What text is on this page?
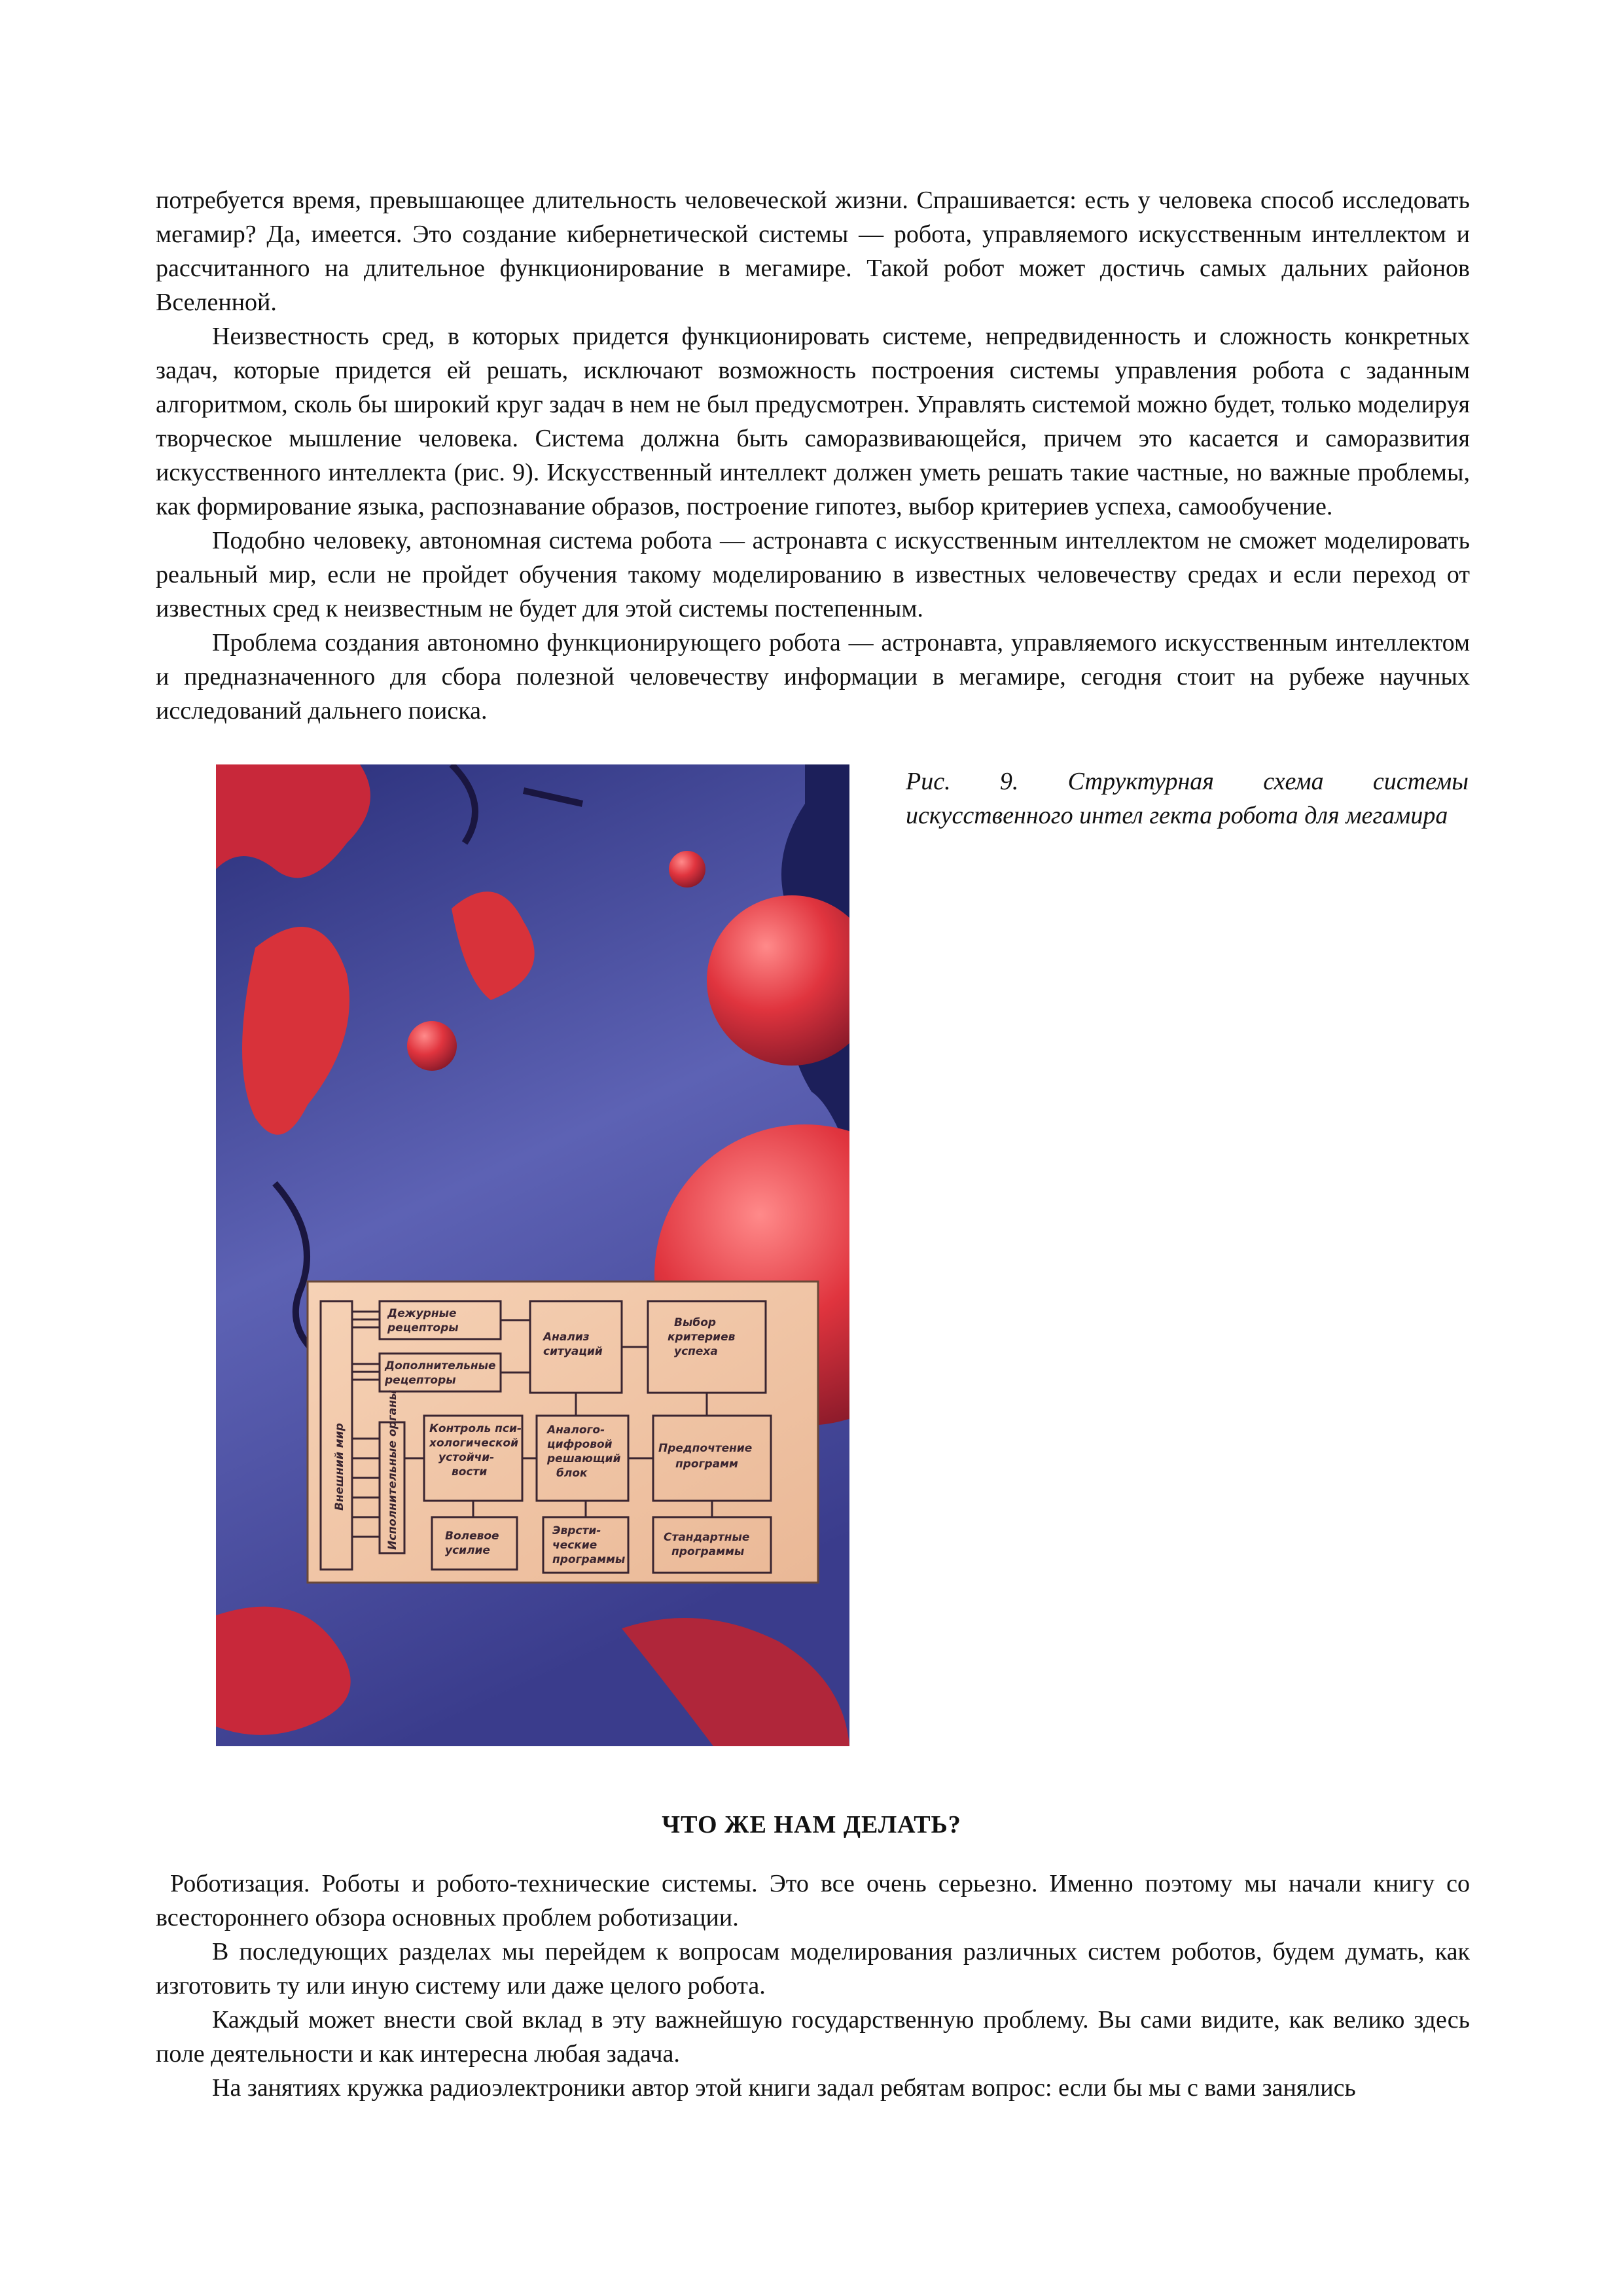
потребуется время, превышающее длительность человеческой жизни. Спрашивается: есть у человека способ исследовать мегамир? Да, имеется. Это создание кибернетической системы — робота, управляемого искусственным интеллектом и рассчитанного на длительное функционирование в мегамире. Такой робот может достичь самых дальних районов Вселенной.

Неизвестность сред, в которых придется функционировать системе, непредвиденность и сложность конкретных задач, которые придется ей решать, исключают возможность построения системы управления робота с заданным алгоритмом, сколь бы широкий круг задач в нем не был предусмотрен. Управлять системой можно будет, только моделируя творческое мышление человека. Система должна быть саморазвивающейся, причем это касается и саморазвития искусственного интеллекта (рис. 9). Искусственный интеллект должен уметь решать такие частные, но важные проблемы, как формирование языка, распознавание образов, построение гипотез, выбор критериев успеха, самообучение.

Подобно человеку, автономная система робота — астронавта с искусственным интеллектом не сможет моделировать реальный мир, если не пройдет обучения такому моделированию в известных человечеству средах и если переход от известных сред к неизвестным не будет для этой системы постепенным.

Проблема создания автономно функционирующего робота — астронавта, управляемого искусственным интеллектом и предназначенного для сбора полезной человечеству информации в мегамире, сегодня стоит на рубеже научных исследований дальнего поиска.

Внешний мир	Исполнительные органы
Дежурные
рецепторы
Дополнительные
рецепторы
Анализ
ситуаций
Выбор
критериев
успеха
Контроль пси-
хологической
устойчи-
вости
Аналого-
цифровой
решающий
блок
Предпочтение
программ
Волевое
усилие
Эврсти-
ческие
программы
Стандартные
программы
Рис. 9. Структурная схема системы искусственного интел гекта робота для мегамира
ЧТО ЖЕ НАМ ДЕЛАТЬ?

Роботизация. Роботы и робото-технические системы. Это все очень серьезно. Именно поэтому мы начали книгу со всестороннего обзора основных проблем роботизации.

В последующих разделах мы перейдем к вопросам моделирования различных систем роботов, будем думать, как изготовить ту или иную систему или даже целого робота.

Каждый может внести свой вклад в эту важнейшую государственную проблему. Вы сами видите, как велико здесь поле деятельности и как интересна любая задача.

На занятиях кружка радиоэлектроники автор этой книги задал ребятам вопрос: если бы мы с вами занялись
